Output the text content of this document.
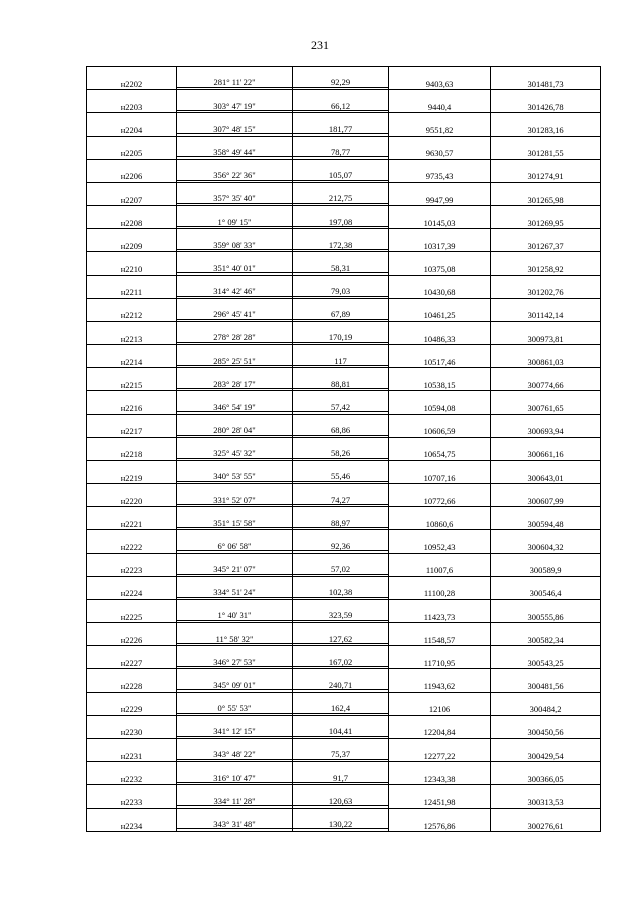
231
н2202	281° 11' 22"	92,29	9403,63	301481,73

н2203	303° 47' 19"	66,12	9440,4	301426,78

н2204	307° 48' 15"	181,77	9551,82	301283,16

н2205	358° 49' 44"	78,77	9630,57	301281,55

н2206	356° 22' 36"	105,07	9735,43	301274,91

н2207	357° 35' 40"	212,75	9947,99	301265,98

н2208	1° 09' 15"	197,08	10145,03	301269,95

н2209	359° 08' 33"	172,38	10317,39	301267,37

н2210	351° 40' 01"	58,31	10375,08	301258,92

н2211	314° 42' 46"	79,03	10430,68	301202,76

н2212	296° 45' 41"	67,89	10461,25	301142,14

н2213	278° 28' 28"	170,19	10486,33	300973,81

н2214	285° 25' 51"	117	10517,46	300861,03

н2215	283° 28' 17"	88,81	10538,15	300774,66

н2216	346° 54' 19"	57,42	10594,08	300761,65

н2217	280° 28' 04"	68,86	10606,59	300693,94

н2218	325° 45' 32"	58,26	10654,75	300661,16

н2219	340° 53' 55"	55,46	10707,16	300643,01

н2220	331° 52' 07"	74,27	10772,66	300607,99

н2221	351° 15' 58"	88,97	10860,6	300594,48

н2222	6° 06' 58"	92,36	10952,43	300604,32

н2223	345° 21' 07"	57,02	11007,6	300589,9

н2224	334° 51' 24"	102,38	11100,28	300546,4

н2225	1° 40' 31"	323,59	11423,73	300555,86

н2226	11° 58' 32"	127,62	11548,57	300582,34

н2227	346° 27' 53"	167,02	11710,95	300543,25

н2228	345° 09' 01"	240,71	11943,62	300481,56

н2229	0° 55' 53"	162,4	12106	300484,2

н2230	341° 12' 15"	104,41	12204,84	300450,56

н2231	343° 48' 22"	75,37	12277,22	300429,54

н2232	316° 10' 47"	91,7	12343,38	300366,05

н2233	334° 11' 28"	120,63	12451,98	300313,53

н2234	343° 31' 48"	130,22	12576,86	300276,61
